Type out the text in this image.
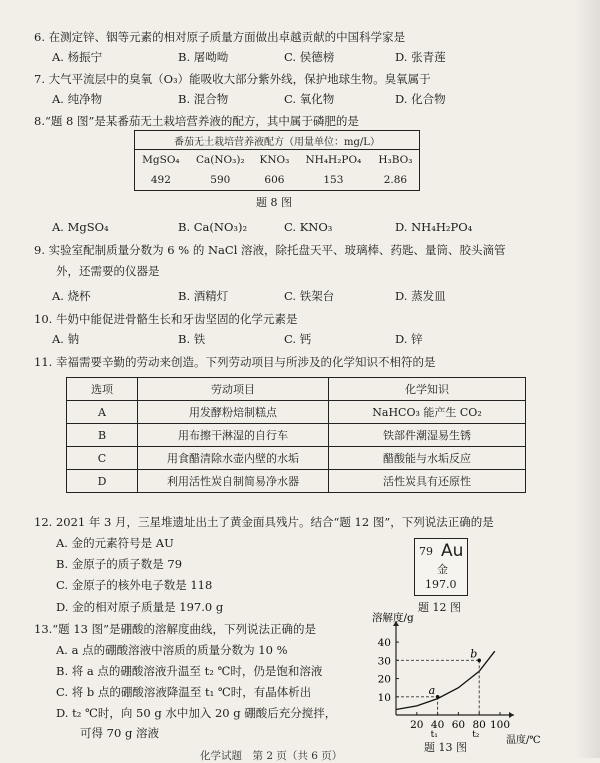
6. 在测定锌、铟等元素的相对原子质量方面做出卓越贡献的中国科学家是
A. 杨振宁	B. 屠呦呦	C. 侯德榜	D. 张青莲
7. 大气平流层中的臭氧（O₃）能吸收大部分紫外线，保护地球生物。臭氧属于
A. 纯净物	B. 混合物	C. 氧化物	D. 化合物
8.“题 8 图”是某番茄无土栽培营养液的配方，其中属于磷肥的是
番茄无土栽培营养液配方（用量单位：mg/L）				
MgSO₄	Ca(NO₃)₂	KNO₃	NH₄H₂PO₄	H₃BO₃
492	590	606	153	2.86
题 8 图
A. MgSO₄	B. Ca(NO₃)₂	C. KNO₃	D. NH₄H₂PO₄
9. 实验室配制质量分数为 6 % 的 NaCl 溶液，除托盘天平、玻璃棒、药匙、量筒、胶头滴管
外，还需要的仪器是
A. 烧杯	B. 酒精灯	C. 铁架台	D. 蒸发皿
10. 牛奶中能促进骨骼生长和牙齿坚固的化学元素是
A. 钠	B. 铁	C. 钙	D. 锌
11. 幸福需要辛勤的劳动来创造。下列劳动项目与所涉及的化学知识不相符的是
选项	劳动项目	化学知识
A	用发酵粉焙制糕点	NaHCO₃ 能产生 CO₂
B	用布擦干淋湿的自行车	铁部件潮湿易生锈
C	用食醋清除水壶内壁的水垢	醋酸能与水垢反应
D	利用活性炭自制简易净水器	活性炭具有还原性
12. 2021 年 3 月，三星堆遗址出土了黄金面具残片。结合“题 12 图”，下列说法正确的是
A. 金的元素符号是 AU
B. 金原子的质子数是 79
C. 金原子的核外电子数是 118
D. 金的相对原子质量是 197.0 g
79 Au
金
197.0
题 12 图
13.“题 13 图”是硼酸的溶解度曲线，下列说法正确的是
A. a 点的硼酸溶液中溶质的质量分数为 10 %
B. 将 a 点的硼酸溶液升温至 t₂ ℃时，仍是饱和溶液
C. 将 b 点的硼酸溶液降温至 t₁ ℃时，有晶体析出
D. t₂ ℃时，向 50 g 水中加入 20 g 硼酸后充分搅拌，
可得 70 g 溶液
溶解度/g
温度/℃
10
20
30
40
20 40 60 80 100
a
t₁
b
t₂
题 13 图
化学试题　第 2 页（共 6 页）
